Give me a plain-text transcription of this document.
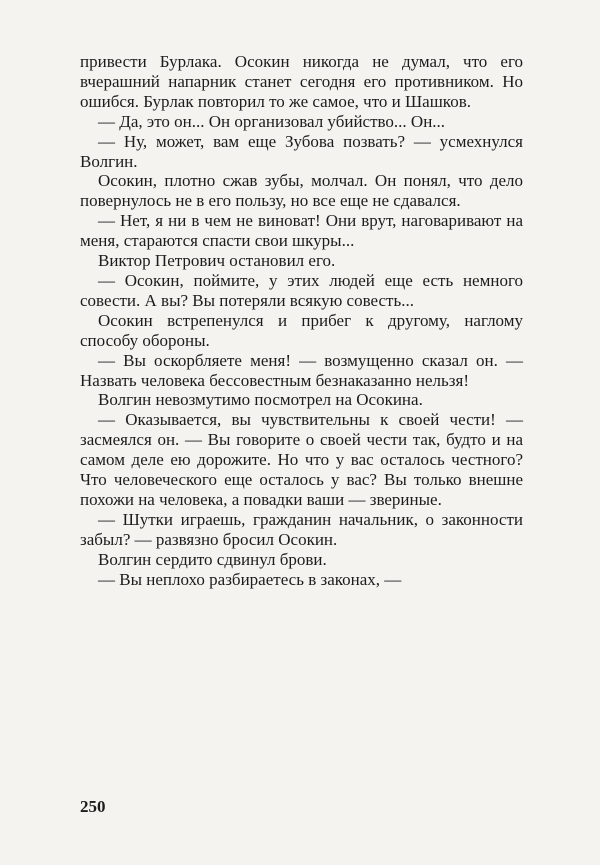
привести Бурлака. Осокин никогда не думал, что его вчерашний напарник станет сегодня его противником. Но ошибся. Бурлак повторил то же самое, что и Шашков.

— Да, это он... Он организовал убийство... Он...

— Ну, может, вам еще Зубова позвать? — усмехнулся Волгин.

Осокин, плотно сжав зубы, молчал. Он понял, что дело повернулось не в его пользу, но все еще не сдавался.

— Нет, я ни в чем не виноват! Они врут, наговаривают на меня, стараются спасти свои шкуры...

Виктор Петрович остановил его.

— Осокин, поймите, у этих людей еще есть немного совести. А вы? Вы потеряли всякую совесть...

Осокин встрепенулся и прибег к другому, наглому способу обороны.

— Вы оскорбляете меня! — возмущенно сказал он. — Назвать человека бессовестным безнаказанно нельзя!

Волгин невозмутимо посмотрел на Осокина.

— Оказывается, вы чувствительны к своей чести! — засмеялся он. — Вы говорите о своей чести так, будто и на самом деле ею дорожите. Но что у вас осталось честного? Что человеческого еще осталось у вас? Вы только внешне похожи на человека, а повадки ваши — звериные.

— Шутки играешь, гражданин начальник, о законности забыл? — развязно бросил Осокин.

Волгин сердито сдвинул брови.

— Вы неплохо разбираетесь в законах, —

250
